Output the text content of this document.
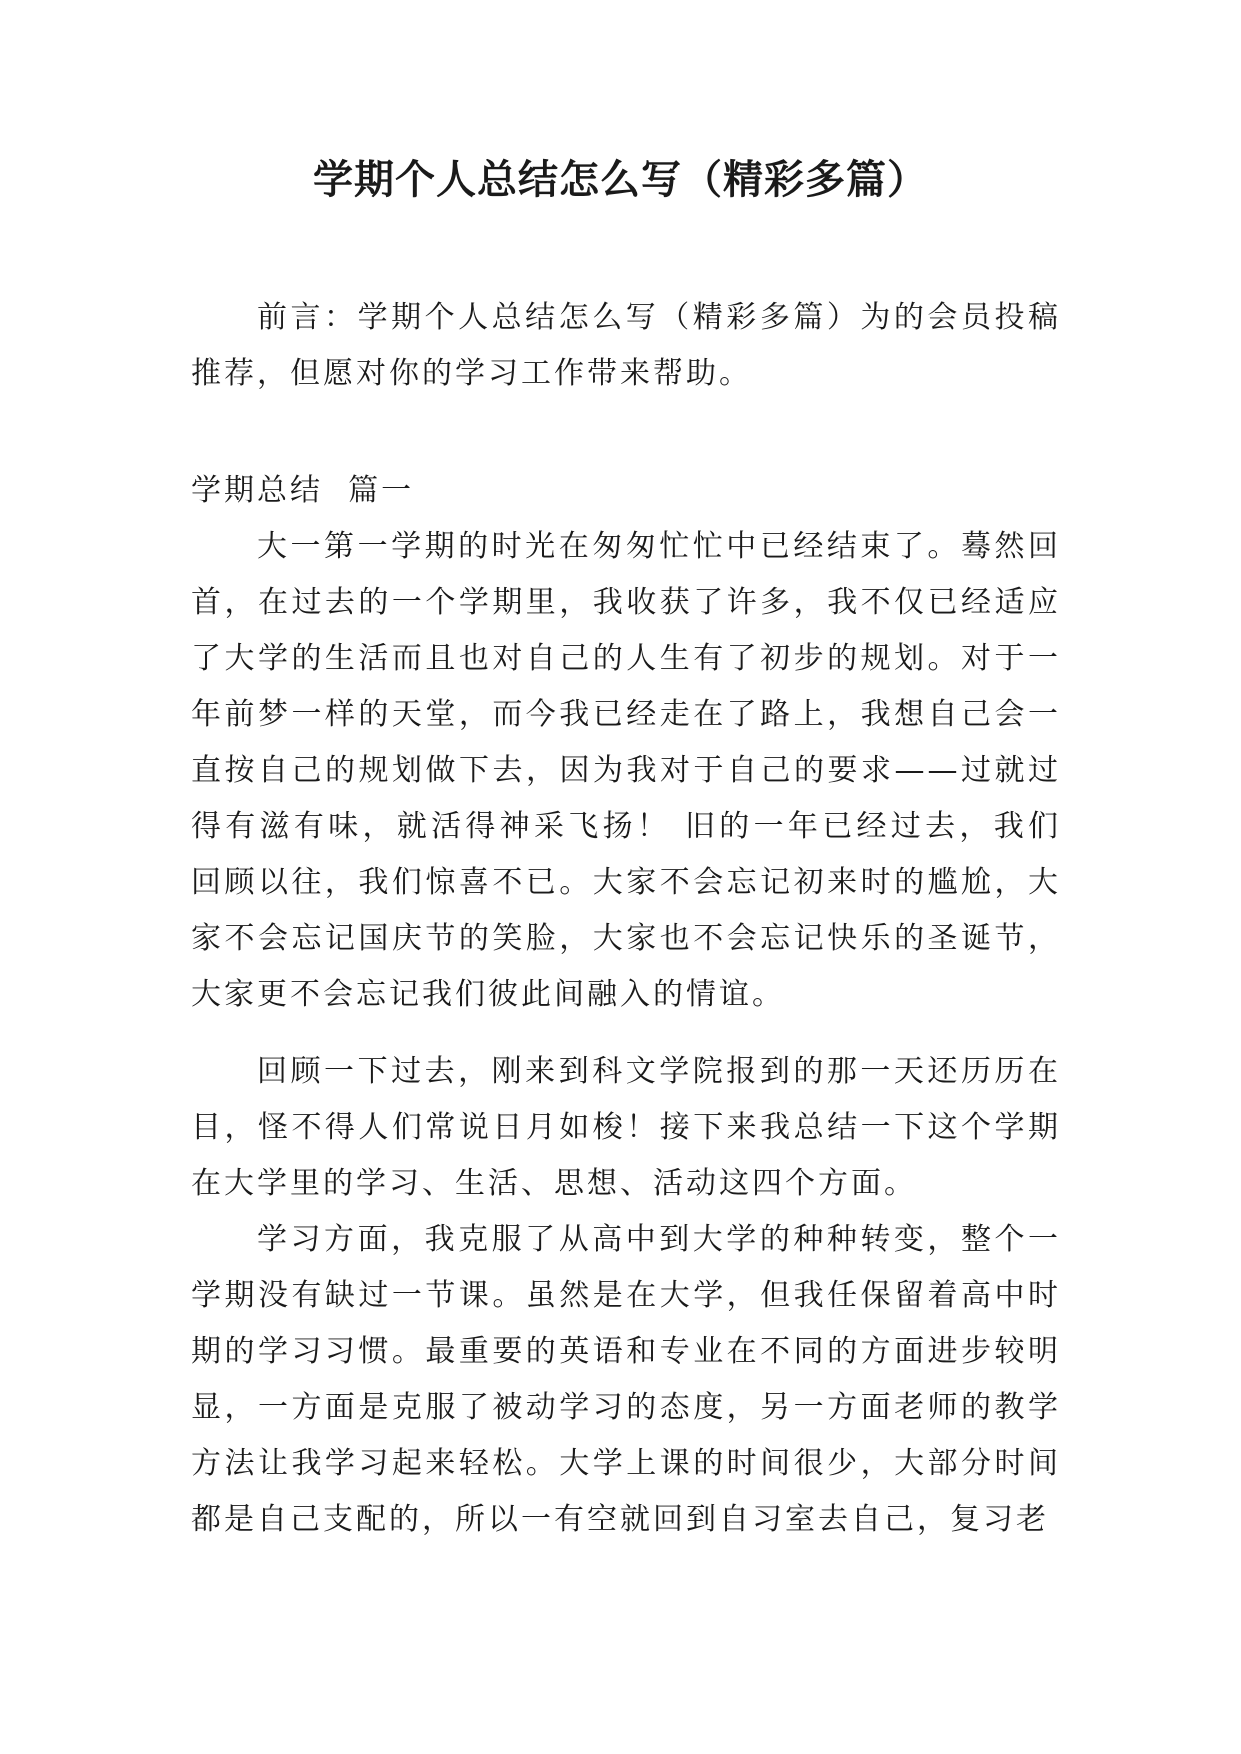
学期个人总结怎么写（精彩多篇）

前言：学期个人总结怎么写（精彩多篇）为的会员投稿推荐，但愿对你的学习工作带来帮助。

学期总结  篇一

大一第一学期的时光在匆匆忙忙中已经结束了。蓦然回首，在过去的一个学期里，我收获了许多，我不仅已经适应了大学的生活而且也对自己的人生有了初步的规划。对于一年前梦一样的天堂，而今我已经走在了路上，我想自己会一直按自己的规划做下去，因为我对于自己的要求——过就过得有滋有味，就活得神采飞扬！ 旧的一年已经过去，我们回顾以往，我们惊喜不已。大家不会忘记初来时的尴尬，大家不会忘记国庆节的笑脸，大家也不会忘记快乐的圣诞节，大家更不会忘记我们彼此间融入的情谊。

回顾一下过去，刚来到科文学院报到的那一天还历历在目，怪不得人们常说日月如梭！接下来我总结一下这个学期在大学里的学习、生活、思想、活动这四个方面。

学习方面，我克服了从高中到大学的种种转变，整个一学期没有缺过一节课。虽然是在大学，但我任保留着高中时期的学习习惯。最重要的英语和专业在不同的方面进步较明显，一方面是克服了被动学习的态度，另一方面老师的教学方法让我学习起来轻松。大学上课的时间很少，大部分时间都是自己支配的，所以一有空就回到自习室去自己，复习老
